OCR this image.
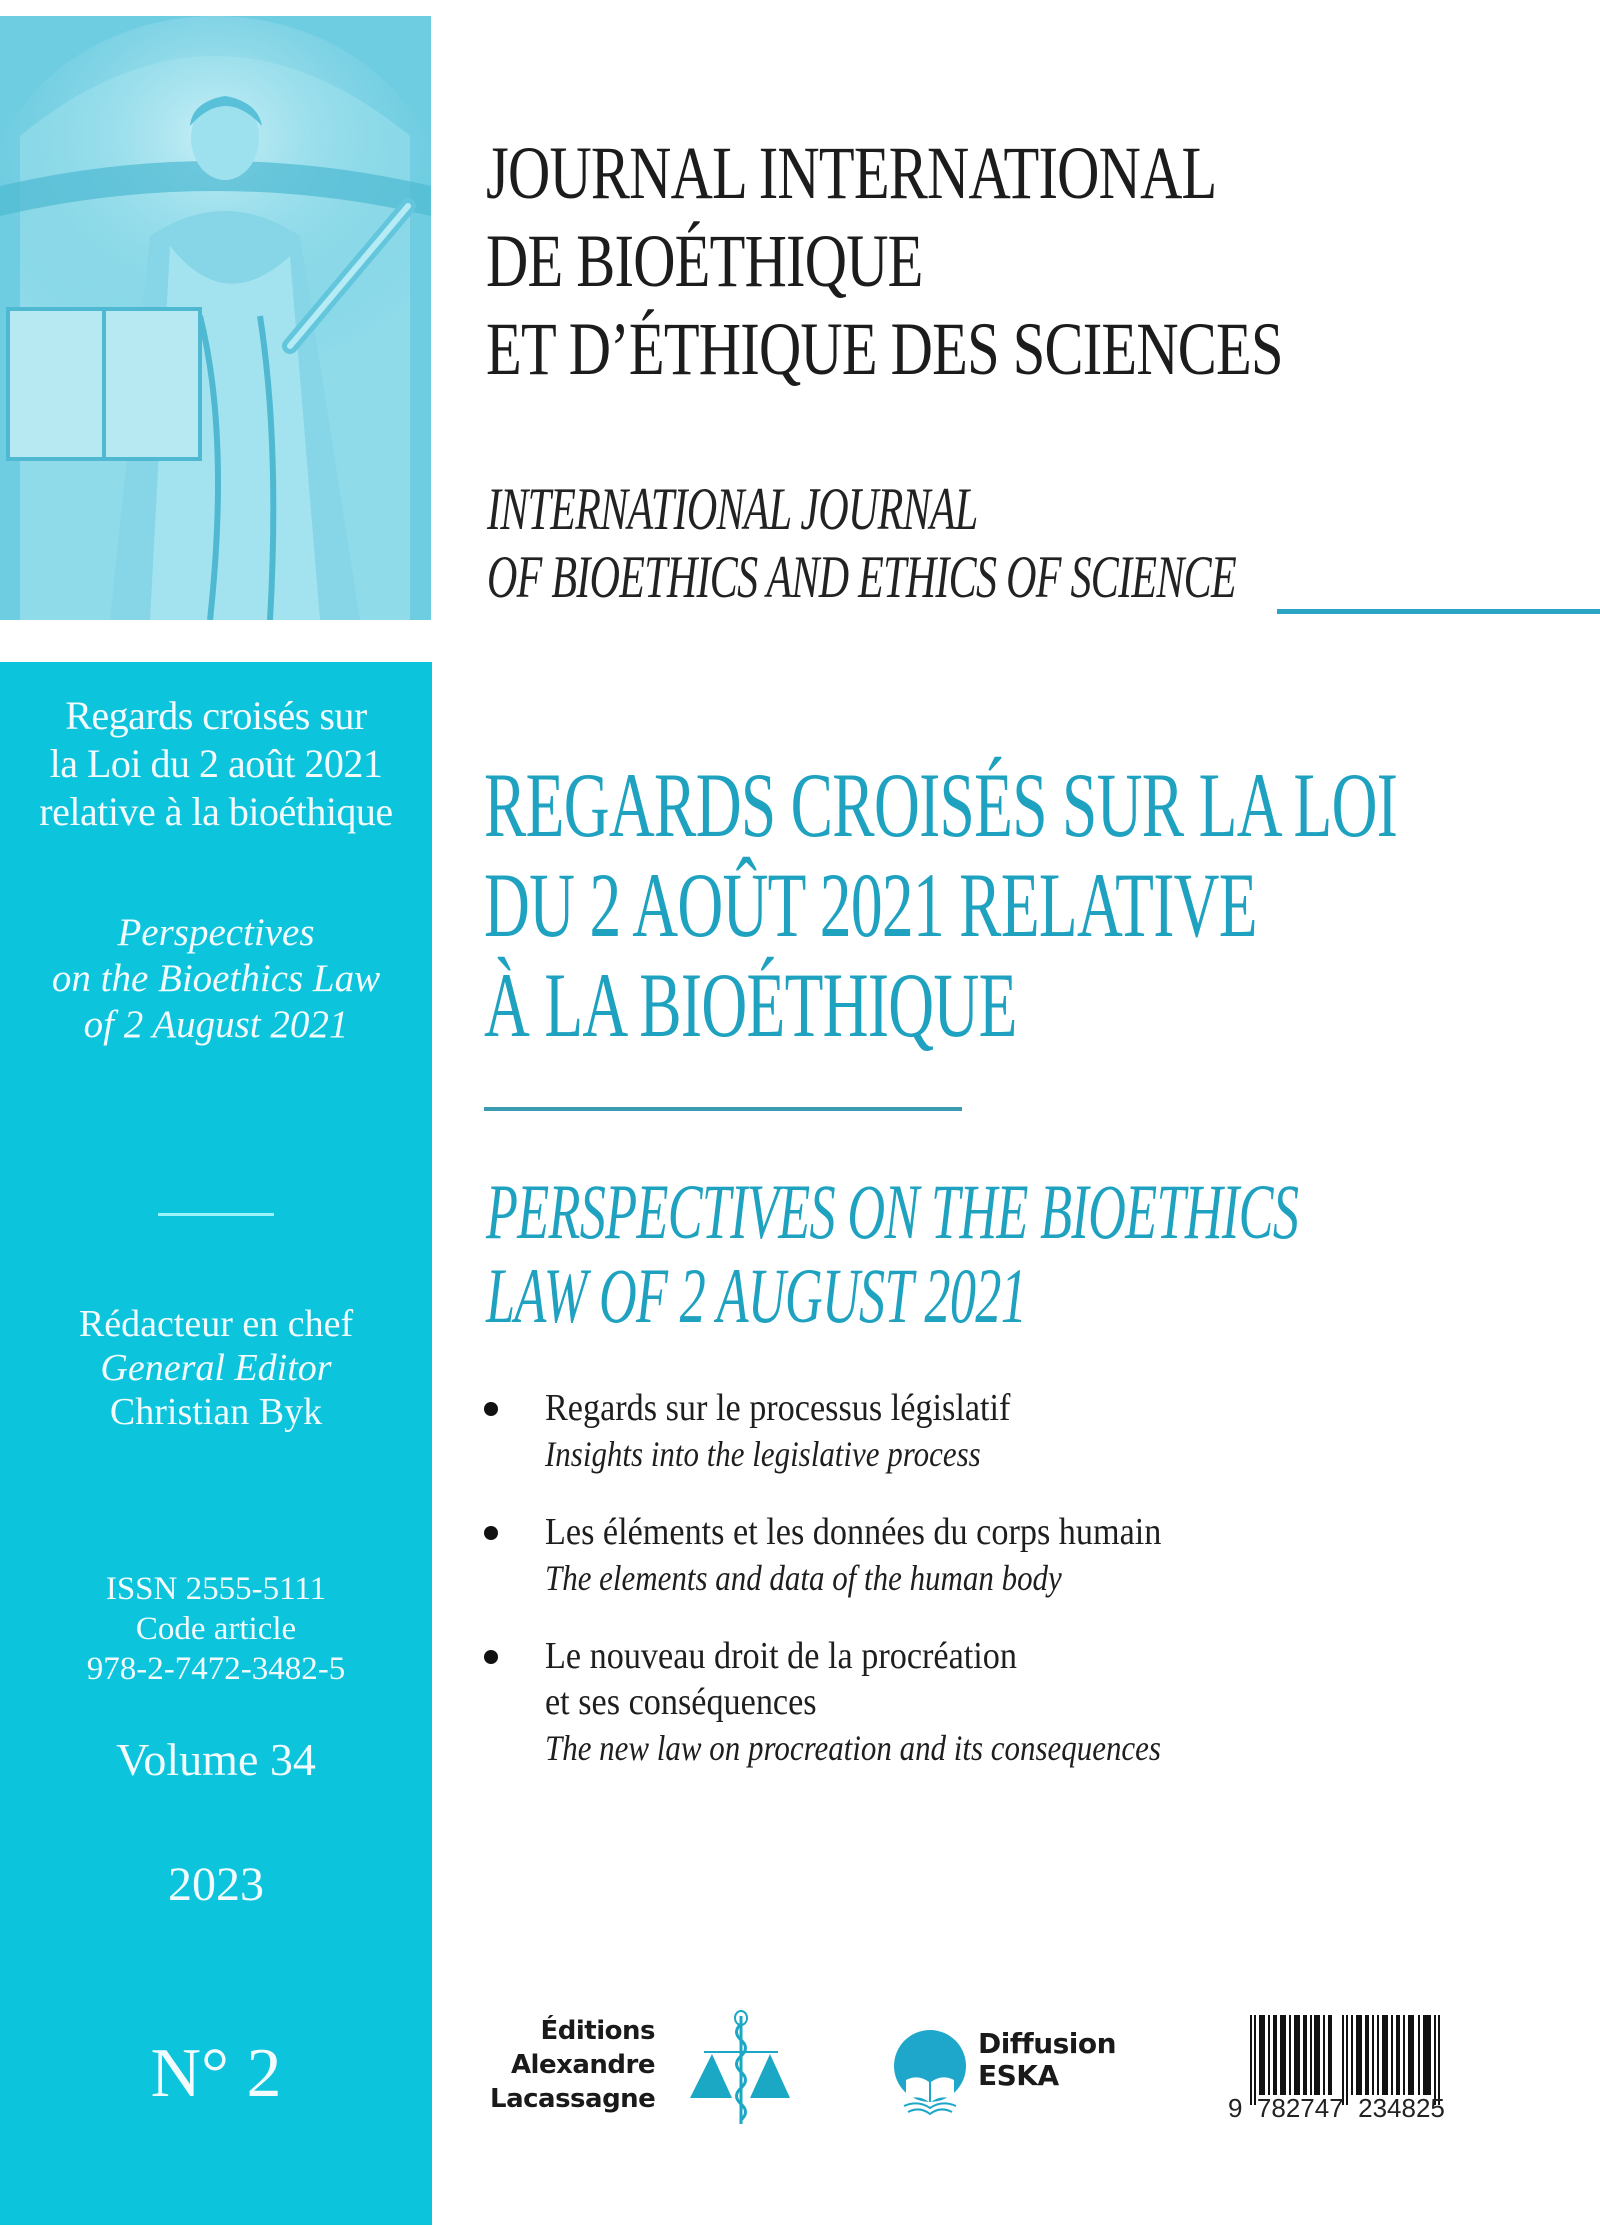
Regards croisés sur
la Loi du 2 août 2021
relative à la bioéthique
Perspectives
on the Bioethics Law
of 2 August 2021
Rédacteur en chef
General Editor
Christian Byk
ISSN 2555-5111
Code article
978-2-7472-3482-5
Volume 34
2023
N° 2
JOURNAL INTERNATIONAL
DE BIOÉTHIQUE
ET D’ÉTHIQUE DES SCIENCES
INTERNATIONAL JOURNAL
OF BIOETHICS AND ETHICS OF SCIENCE
REGARDS CROISÉS SUR LA LOI
DU 2 AOÛT 2021 RELATIVE
À LA BIOÉTHIQUE
PERSPECTIVES ON THE BIOETHICS
LAW OF 2 AUGUST 2021
Regards sur le processus législatif
Insights into the legislative process
Les éléments et les données du corps humain
The elements and data of the human body
Le nouveau droit de la procréation
et ses conséquences
The new law on procreation and its consequences
Éditions
Alexandre
Lacassagne
Diffusion
ESKA
9  782747  234825
